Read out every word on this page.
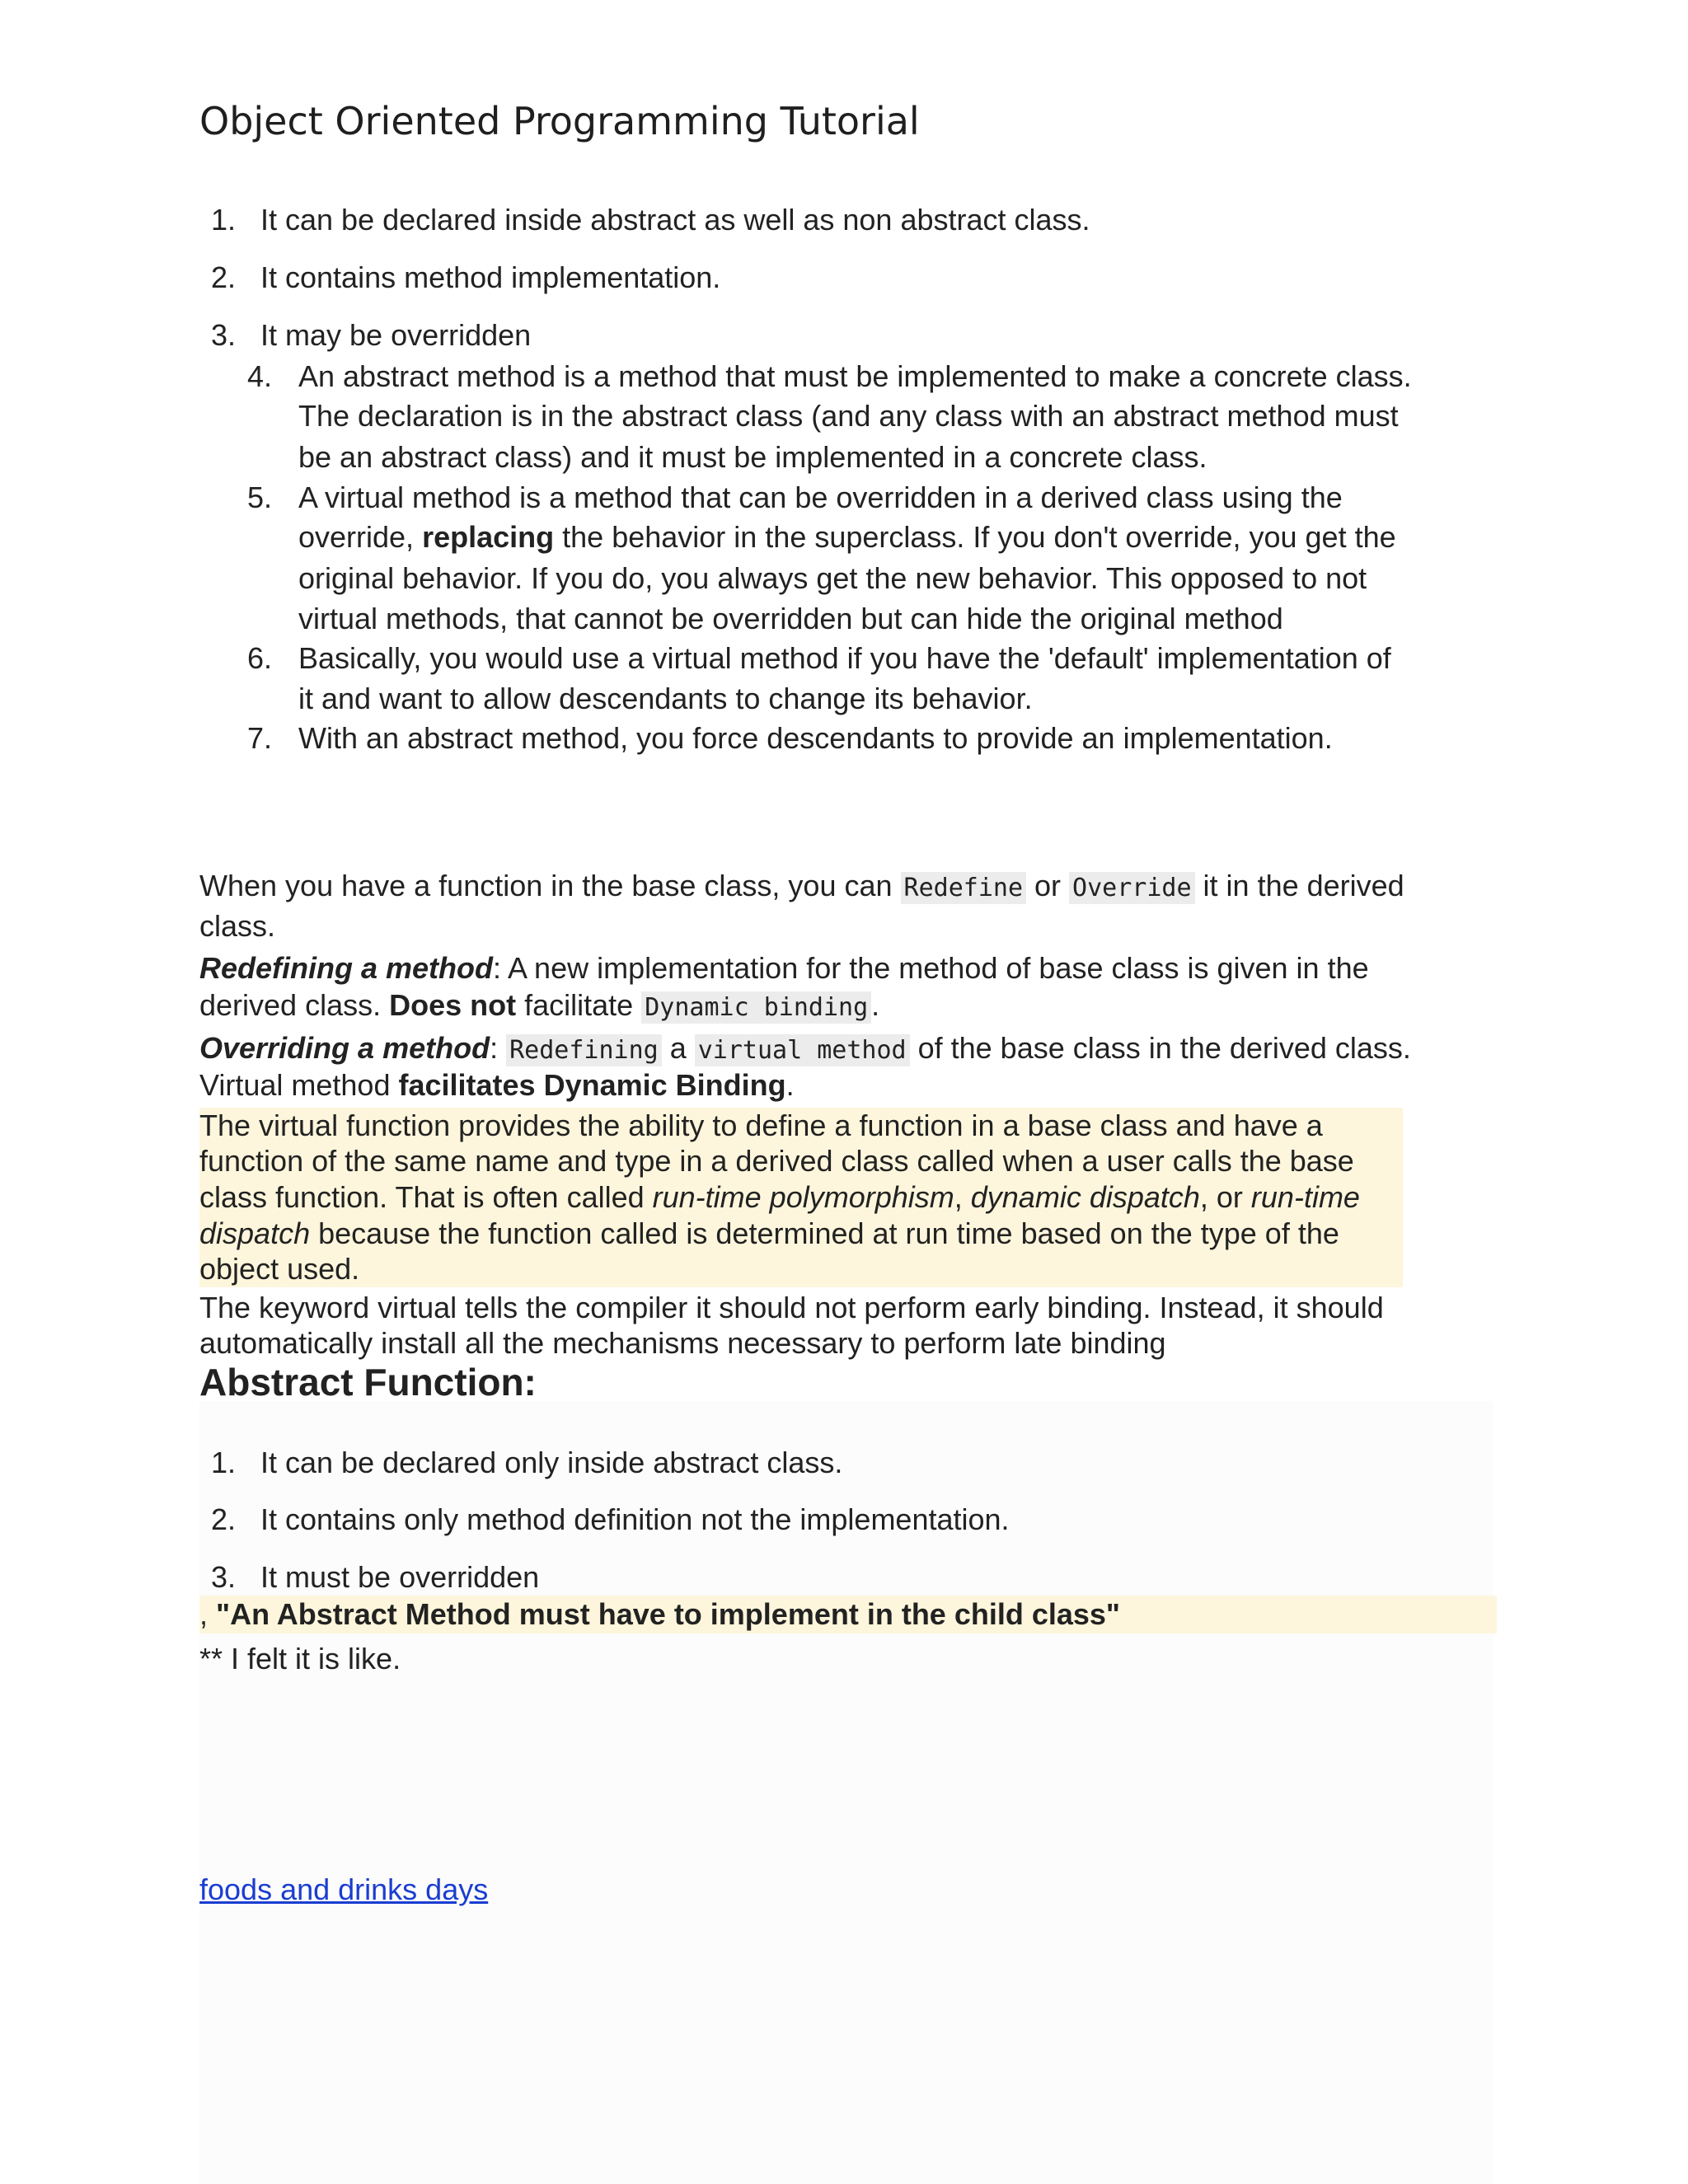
Object Oriented Programming Tutorial
1. It can be declared inside abstract as well as non abstract class.
2. It contains method implementation.
3. It may be overridden
4. An abstract method is a method that must be implemented to make a concrete class.
The declaration is in the abstract class (and any class with an abstract method must
be an abstract class) and it must be implemented in a concrete class.
5. A virtual method is a method that can be overridden in a derived class using the
override, replacing the behavior in the superclass. If you don't override, you get the
original behavior. If you do, you always get the new behavior. This opposed to not
virtual methods, that cannot be overridden but can hide the original method
6. Basically, you would use a virtual method if you have the 'default' implementation of
it and want to allow descendants to change its behavior.
7. With an abstract method, you force descendants to provide an implementation.
When you have a function in the base class, you can Redefine or Override it in the derived
class.
Redefining a method: A new implementation for the method of base class is given in the
derived class. Does not facilitate Dynamic binding .
Overriding a method: Redefining a virtual method of the base class in the derived class.
Virtual method facilitates Dynamic Binding.
The virtual function provides the ability to define a function in a base class and have a
function of the same name and type in a derived class called when a user calls the base
class function. That is often called run-time polymorphism, dynamic dispatch, or run-time
dispatch because the function called is determined at run time based on the type of the
object used.
The keyword virtual tells the compiler it should not perform early binding. Instead, it should
automatically install all the mechanisms necessary to perform late binding
Abstract Function:
1. It can be declared only inside abstract class.
2. It contains only method definition not the implementation.
3. It must be overridden
, "An Abstract Method must have to implement in the child class"
** I felt it is like.
foods and drinks days
